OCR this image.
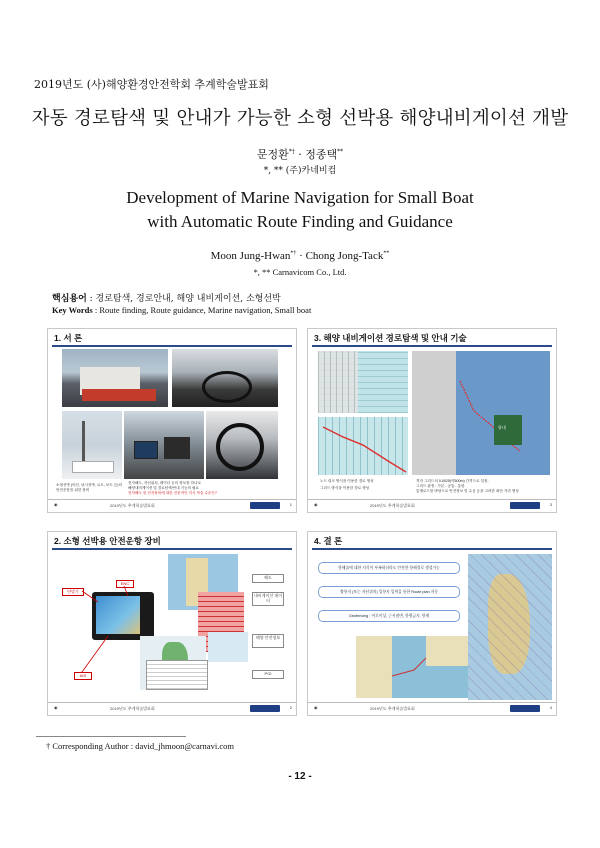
2019년도 (사)해양환경안전학회 추계학술발표회
자동 경로탐색 및 안내가 가능한 소형 선박용 해양내비게이션 개발
문정환*† · 정종택**
*, ** (주)카네비컴
Development of Marine Navigation for Small Boat
with Automatic Route Finding and Guidance
Moon Jung-Hwan*† · Chong Jong-Tack**
*, ** Carnavicom Co., Ltd.
핵심용어 : 경로탐색, 경로안내, 해양 내비게이션, 소형선박
Key Words : Route finding, Route guidance, Marine navigation, Small boat
1. 서 론
소형선박 (어선, 낚시선박, 요트, 보트 등)의 안전운항을 위한 장비
전자해도, 자선위치, 레이더 등의 정보를 하나로
해양내비게이션 및 경로탐색/안내 기능의 필요
전자해도 및 전자장비에 대한 전문적인 지식 학습 수준은?
◉	2019년도 추계학술발표회	1
3. 해양 내비게이션 경로탐색 및 안내 기술
항내
노드 링크 방식을 이용한 경로 생성
그리드 방식을 이용한 경로 생성
격자 그리드의 0.0025(약500m) 간격으로 설정,
그리드 판정 : 가본 - 공통 - 통항
통행로드를 바탕으로 안전정보 및 수심 등을 고려한 최단 거리 생성
◉	2019년도 추계학술발표회	3
2. 소형 선박용 안전운항 장비
단말기
ENC
AIS
해도
내비게이션 데이터
해양 안전정보
POI
◉	2019년도 추계학술발표회	2
4. 결 론
항해술에 대한 지식이 부족하더라도 안전한 항해경로 생성가능
출항지 (또는 자선위치) 입항지 입력을 통한 Route plan 자동
Geofencing : 어로이상, 근서점변, 항행금지, 항계
◉	2019년도 추계학술발표회	4
† Corresponding Author : david_jhmoon@carnavi.com
- 12 -
